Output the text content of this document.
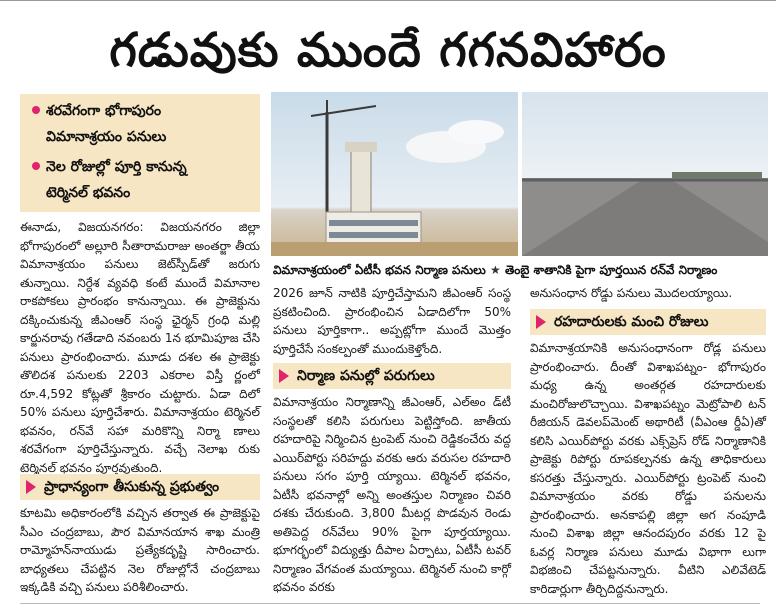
గడువుకు ముందే గగనవిహారం
శరవేగంగా భోగాపురం
విమానాశ్రయం పనులు
నెల రోజుల్లో పూర్తి కానున్న
టెర్మినల్ భవనం
విమానాశ్రయంలో ఏటీసీ భవన నిర్మాణ పనులు ★ తెంబై శాతానికి పైగా పూర్తయిన రన్‌వే నిర్మాణం

ఈనాడు, విజయనగరం: విజయనగరం జిల్లా భోగాపురంలో అల్లూరి సీతారామరాజు అంతర్జా తీయ విమానాశ్రయం పనులు జెట్‌స్పీడ్‌తో జరుగు తున్నాయి. నిర్దేశ వ్యవధి కంటే ముందే విమానాల రాకపోకలు ప్రారంభం కానున్నాయి. ఈ ప్రాజెక్టును దక్కించుకున్న జీఎంఆర్ సంస్థ ఛైర్మన్ గ్రంధి మల్లి కార్జునరావు గతేడాది నవంబరు 1న భూమిపూజ చేసి పనులు ప్రారంభించారు. మూడు దశల ఈ ప్రాజెక్టు తొలిదశ పనులకు 2203 ఎకరాల విస్తీ ర్ణంలో రూ.4,592 కోట్లతో శ్రీకారం చుట్టారు. ఏడా దిలో 50% పనులు పూర్తిచేశారు. విమానాశ్రయం టెర్మినల్ భవనం, రన్‌వే సహా మరికొన్ని నిర్మా ణాలు శరవేగంగా పూర్తిచేస్తున్నారు. వచ్చే నెలాఖ రుకు టెర్మినల్ భవనం పూర్తవుతుంది.

ప్రాధాన్యంగా తీసుకున్న ప్రభుత్వం

కూటమి అధికారంలోకి వచ్చిన తర్వాత ఈ ప్రాజెక్టుపై సీఎం చంద్రబాబు, పౌర విమానయాన శాఖ మంత్రి రామ్మోహన్‌నాయుడు ప్రత్యేకదృష్టి సారించారు. బాధ్యతలు చేపట్టిన నెల రోజుల్లోనే చంద్రబాబు ఇక్కడికి వచ్చి పనులు పరిశీలించారు.

2026 జూన్ నాటికి పూర్తిచేస్తామని జీఎంఆర్ సంస్థ ప్రకటించింది. ప్రారంభించిన ఏడాదిలోగా 50% పనులు పూర్తికాగా.. అప్పట్లోగా ముందే మొత్తం పూర్తిచేసే సంకల్పంతో ముందుకెళ్తోంది.

నిర్మాణ పనుల్లో పరుగులు

విమానాశ్రయం నిర్మాణాన్ని జీఎంఆర్, ఎల్‌అం డ్‌టీ సంస్థలతో కలిసి పరుగులు పెట్టిస్తోంది. జాతీయ రహదారిపై నిర్మించిన ట్రంపెట్ నుంచి రెడ్డికంచేరు వద్ద ఎయిర్‌పోర్టు సరిహద్దు వరకు ఆరు వరుసల రహదారి పనులు సగం పూర్తి య్యాయి. టెర్మినల్ భవనం, ఏటీసీ భవనాల్లో అన్ని అంతస్తుల నిర్మాణం చివరి దశకు చేరుకుంది. 3,800 మీటర్ల పొడవున రెండు అతిపెద్ద రన్‌వేలు 90% పైగా పూర్తయ్యాయి. భూగర్భంలో విద్యుత్తు దీపాల ఏర్పాటు, ఏటీసీ టవర్ నిర్మాణం వేగవంత మయ్యాయి. టెర్మినల్ నుంచి కార్గో భవనం వరకు

అనుసంధాన రోడ్డు పనులు మొదలయ్యాయి.

రహదారులకు మంచి రోజులు

విమానాశ్రయానికి అనుసంధానంగా రోడ్ల పనులు ప్రారంభించారు. దీంతో విశాఖపట్నం- భోగాపురం మధ్య ఉన్న అంతర్గత రహదారులకు మంచిరోజులొచ్చాయి. విశాఖపట్నం మెట్రోపాలి టన్ రీజియన్ డెవలప్‌మెంట్ అథారిటీ (వీఎంఆ ర్డీఏ)తో కలిసి ఎయిర్‌పోర్టు వరకు ఎక్స్‌ప్రెస్ రోడ్ నిర్మాణానికి ప్రాజెక్టు రిపోర్టు రూపకల్పనకు ఉన్న తాధికారులు కసరత్తు చేస్తున్నారు. ఎయిర్‌పోర్టు ట్రంపెట్ నుంచి విమానాశ్రయం వరకు రోడ్డు పనులను ప్రారంభించారు. అనకాపల్లి జిల్లా అగ నంపూడి నుంచి విశాఖ జిల్లా ఆనందపురం వరకు 12 పై ఓవర్ల నిర్మాణ పనులు మూడు విభాగా లుగా విభజించి చేపట్టనున్నారు. వీటిని ఎలివేటెడ్ కారిడార్లుగా తీర్చిదిద్దనున్నారు.
